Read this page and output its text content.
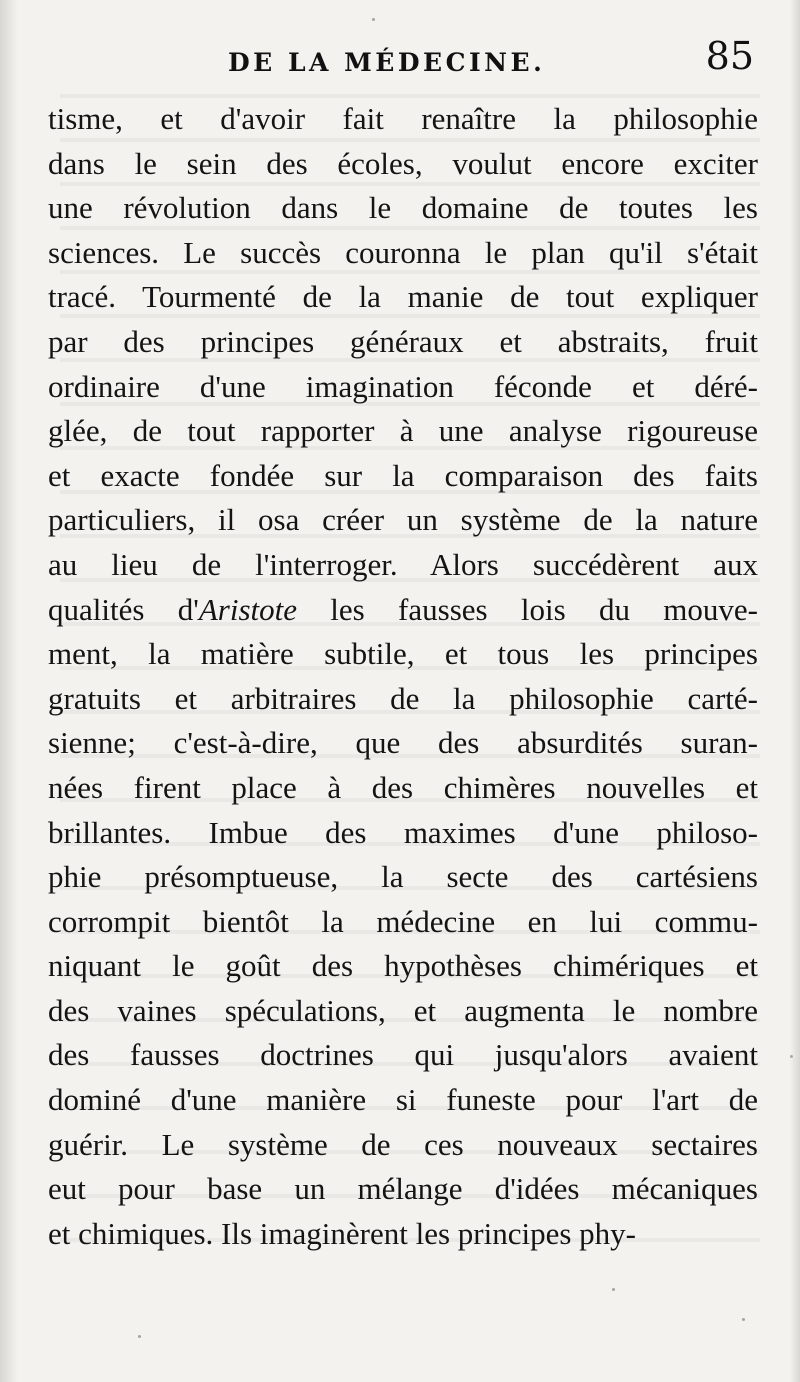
DE LA MÉDECINE.	85
tisme, et d'avoir fait renaître la philosophie
dans le sein des écoles, voulut encore exciter
une révolution dans le domaine de toutes les
sciences. Le succès couronna le plan qu'il s'était
tracé. Tourmenté de la manie de tout expliquer
par des principes généraux et abstraits, fruit
ordinaire d'une imagination féconde et déré-
glée, de tout rapporter à une analyse rigoureuse
et exacte fondée sur la comparaison des faits
particuliers, il osa créer un système de la nature
au lieu de l'interroger. Alors succédèrent aux
qualités d'Aristote les fausses lois du mouve-
ment, la matière subtile, et tous les principes
gratuits et arbitraires de la philosophie carté-
sienne; c'est-à-dire, que des absurdités suran-
nées firent place à des chimères nouvelles et
brillantes. Imbue des maximes d'une philoso-
phie présomptueuse, la secte des cartésiens
corrompit bientôt la médecine en lui commu-
niquant le goût des hypothèses chimériques et
des vaines spéculations, et augmenta le nombre
des fausses doctrines qui jusqu'alors avaient
dominé d'une manière si funeste pour l'art de
guérir. Le système de ces nouveaux sectaires
eut pour base un mélange d'idées mécaniques
et chimiques. Ils imaginèrent les principes phy-
